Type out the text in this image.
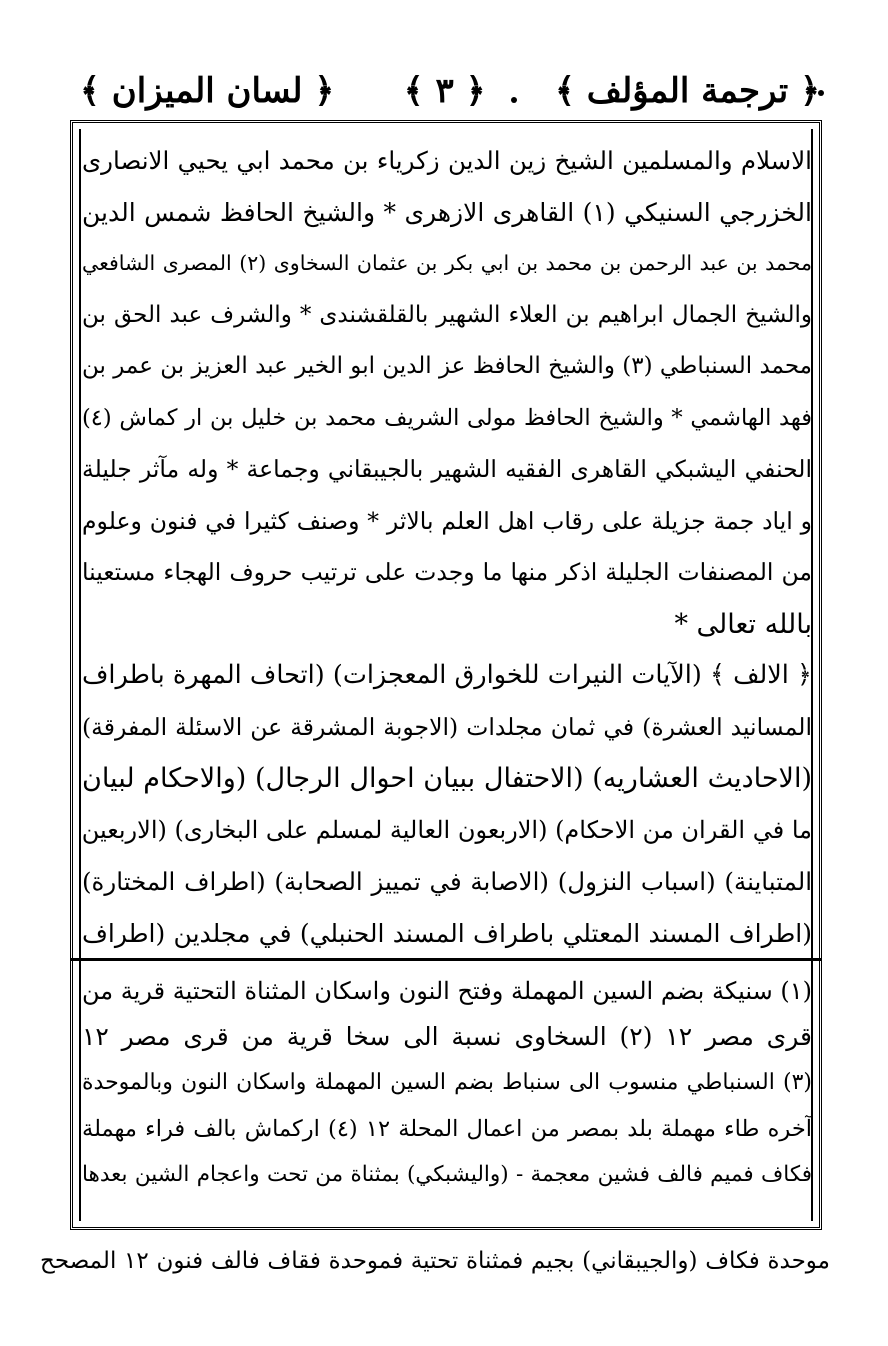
﴿ ترجمة المؤلف ﴾
﴿ ٣ ﴾
﴿ لسان الميزان ﴾
الاسلام والمسلمين الشيخ زين الدين زكرياء بن محمد ابي يحيي الانصارى
الخزرجي السنيكي (١) القاهرى الازهرى * والشيخ الحافظ شمس الدين
محمد بن عبد الرحمن بن محمد بن ابي بكر بن عثمان السخاوى (٢) المصرى الشافعي
والشيخ الجمال ابراهيم بن العلاء الشهير بالقلقشندى * والشرف عبد الحق بن
محمد السنباطي (٣) والشيخ الحافظ عز الدين ابو الخير عبد العزيز بن عمر بن
فهد الهاشمي * والشيخ الحافظ مولى الشريف محمد بن خليل بن ار كماش (٤)
الحنفي اليشبكي القاهرى الفقيه الشهير بالجيبقاني وجماعة * وله مآثر جليلة
و اياد جمة جزيلة على رقاب اهل العلم بالاثر * وصنف كثيرا في فنون وعلوم
من المصنفات الجليلة اذكر منها ما وجدت على ترتيب حروف الهجاء مستعينا
بالله تعالى *
﴿ الالف ﴾ (الآيات النيرات للخوارق المعجزات) (اتحاف المهرة باطراف
المسانيد العشرة) في ثمان مجلدات (الاجوبة المشرقة عن الاسئلة المفرقة)
(الاحاديث العشاريه) (الاحتفال ببيان احوال الرجال) (والاحكام لبيان
ما في القران من الاحكام) (الاربعون العالية لمسلم على البخارى) (الاربعين
المتباينة) (اسباب النزول) (الاصابة في تمييز الصحابة) (اطراف المختارة)
(اطراف المسند المعتلي باطراف المسند الحنبلي) في مجلدين (اطراف
(١) سنيكة بضم السين المهملة وفتح النون واسكان المثناة التحتية قرية من
قرى مصر ١٢ (٢) السخاوى نسبة الى سخا قرية من قرى مصر ١٢
(٣) السنباطي منسوب الى سنباط بضم السين المهملة واسكان النون وبالموحدة
آخره طاء مهملة بلد بمصر من اعمال المحلة ١٢ (٤) اركماش بالف فراء مهملة
فكاف فميم فالف فشين معجمة - (واليشبكي) بمثناة من تحت واعجام الشين بعدها
موحدة فكاف (والجيبقاني) بجيم فمثناة تحتية فموحدة فقاف فالف فنون ١٢ المصحح
